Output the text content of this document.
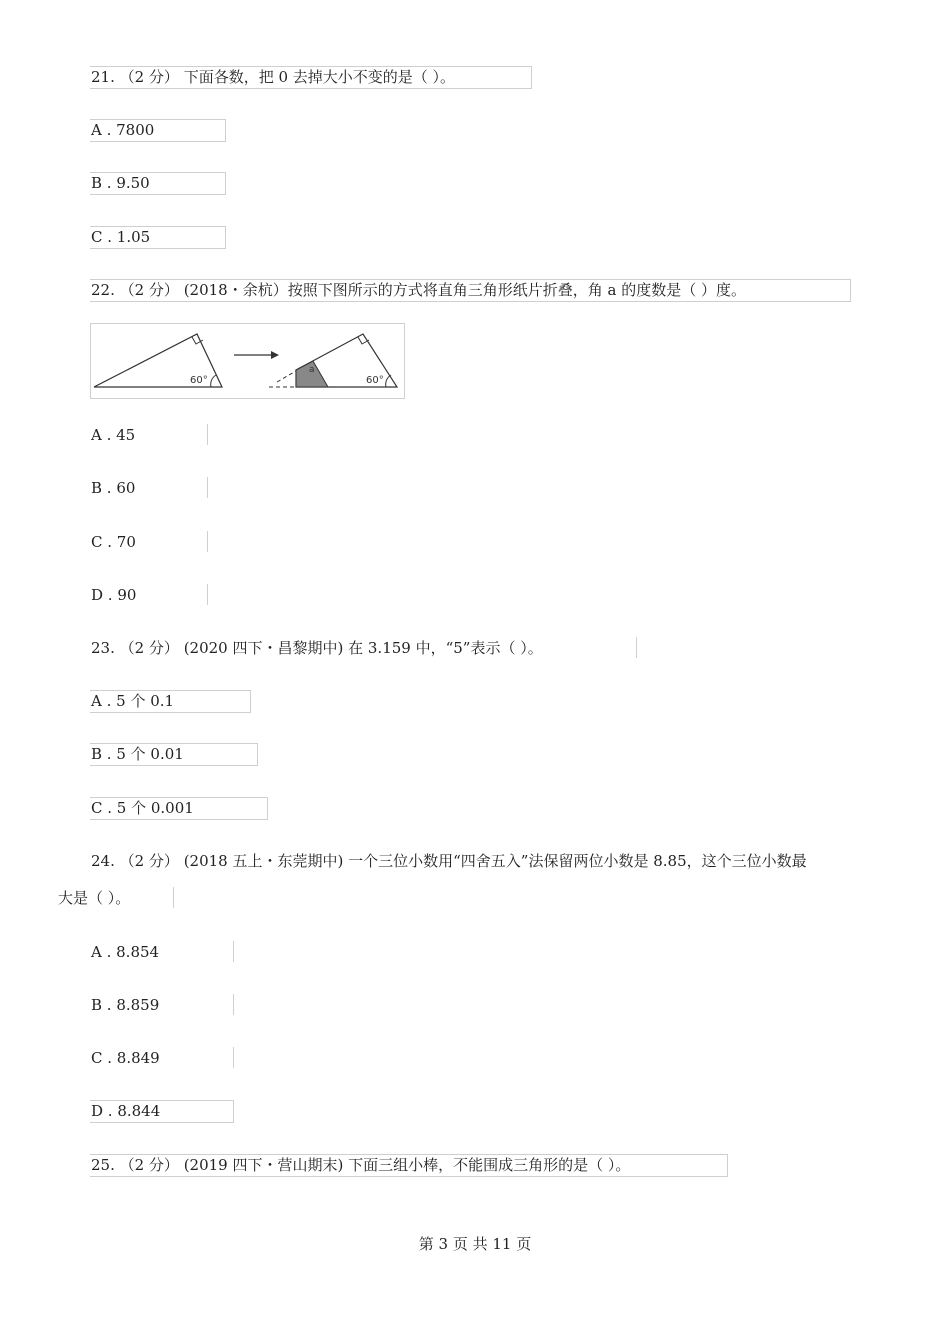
21. （2 分） 下面各数，把 0 去掉大小不变的是（ ）。
A . 7800
B . 9.50
C . 1.05
22. （2 分） (2018・余杭）按照下图所示的方式将直角三角形纸片折叠，角 a 的度数是（ ）度。
60°	60°
a
A . 45
B . 60
C . 70
D . 90
23. （2 分） (2020 四下・昌黎期中) 在 3.159 中，“5”表示（ ）。
A . 5 个 0.1
B . 5 个 0.01
C . 5 个 0.001
24. （2 分） (2018 五上・东莞期中) 一个三位小数用“四舍五入”法保留两位小数是 8.85，这个三位小数最
大是（ ）。
A . 8.854
B . 8.859
C . 8.849
D . 8.844
25. （2 分） (2019 四下・营山期末) 下面三组小棒，不能围成三角形的是（ ）。
第 3 页 共 11 页
